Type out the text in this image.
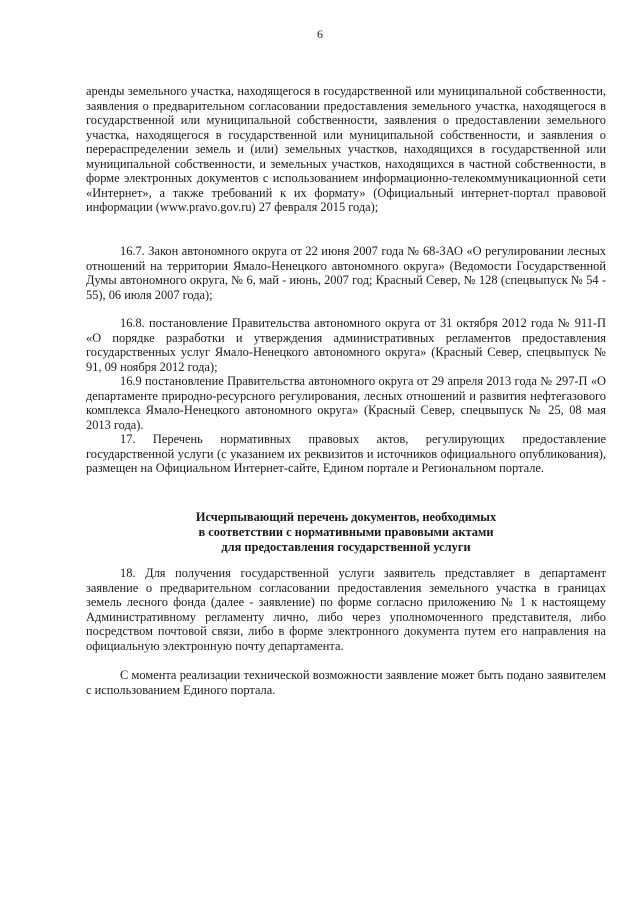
6

аренды земельного участка, находящегося в государственной или муниципальной собственности, заявления о предварительном согласовании предоставления земельного участка, находящегося в государственной или муниципальной собственности, заявления о предоставлении земельного участка, находящегося в государственной или муниципальной собственности, и заявления о перераспределении земель и (или) земельных участков, находящихся в государственной или муниципальной собственности, и земельных участков, находящихся в частной собственности, в форме электронных документов с использованием информационно-телекоммуникационной сети «Интернет», а также требований к их формату» (Официальный интернет-портал правовой информации (www.pravo.gov.ru) 27 февраля 2015 года);

16.7. Закон автономного округа от 22 июня 2007 года № 68-ЗАО «О регулировании лесных отношений на территории Ямало-Ненецкого автономного округа» (Ведомости Государственной Думы автономного округа, № 6, май - июнь, 2007 год; Красный Север, № 128 (спецвыпуск № 54 - 55), 06 июля 2007 года);

16.8. постановление Правительства автономного округа от 31 октября 2012 года № 911-П «О порядке разработки и утверждения административных регламентов предоставления государственных услуг Ямало-Ненецкого автономного округа» (Красный Север, спецвыпуск № 91, 09 ноября 2012 года);

16.9 постановление Правительства автономного округа от 29 апреля 2013 года № 297-П «О департаменте природно-ресурсного регулирования, лесных отношений и развития нефтегазового комплекса Ямало-Ненецкого автономного округа» (Красный Север, спецвыпуск № 25, 08 мая 2013 года).

17. Перечень нормативных правовых актов, регулирующих предоставление государственной услуги (с указанием их реквизитов и источников официального опубликования), размещен на Официальном Интернет-сайте, Едином портале и Региональном портале.

Исчерпывающий перечень документов, необходимых
в соответствии с нормативными правовыми актами
для предоставления государственной услуги

18. Для получения государственной услуги заявитель представляет в департамент заявление о предварительном согласовании предоставления земельного участка в границах земель лесного фонда (далее - заявление) по форме согласно приложению № 1 к настоящему Административному регламенту лично, либо через уполномоченного представителя, либо посредством почтовой связи, либо в форме электронного документа путем его направления на официальную электронную почту департамента.

С момента реализации технической возможности заявление может быть подано заявителем с использованием Единого портала.
